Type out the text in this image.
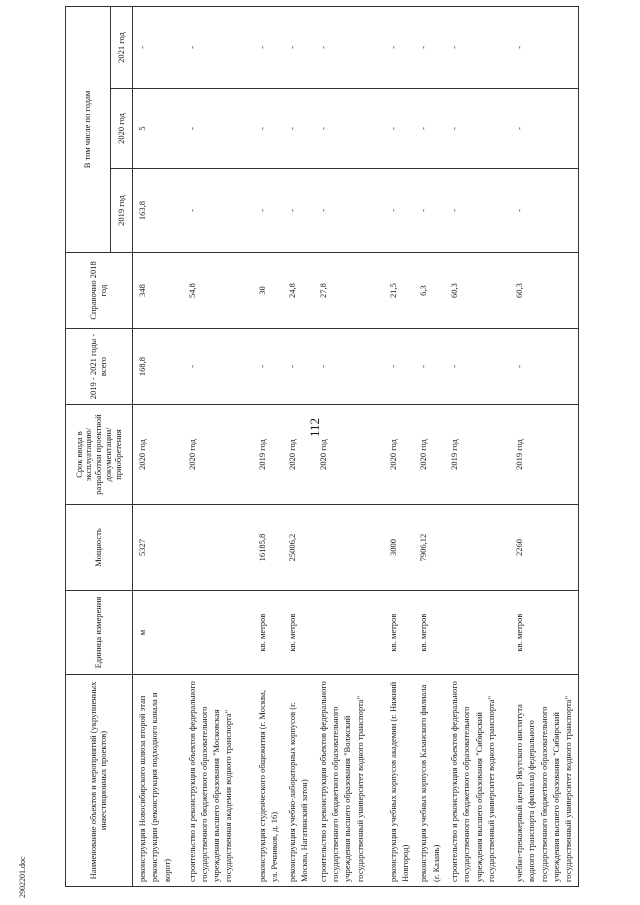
112
Наименование объектов и мероприятий (укрупненных инвестиционных проектов)	Единица измерения	Мощность	Срок ввода в эксплуатацию/ разработки проектной документации/ приобретения	2019 - 2021 годы - всего	Справочно 2018 год	В том числе по годам		
						2019 год	2020 год	2021 год
реконструкция Новосибирского шлюза второй этап реконструкции (реконструкция подходного канала и ворот)	м	5327	2020 год	168,8	348	163,8	5	-
строительство и реконструкция объектов федерального государственного бюджетного образовательного учреждения высшего образования "Московская государственная академия водного транспорта"			2020 год	-	54,8	-	-	-
реконструкция студенческого общежития (г. Москва, ул. Речников, д. 16)	кв. метров	16185,8	2019 год	-	30	-	-	-
реконструкция учебно-лабораторных корпусов (г. Москва, Нагатинский затон)	кв. метров	25006,2	2020 год	-	24,8	-	-	-
строительство и реконструкция объектов федерального государственного бюджетного образовательного учреждения высшего образования "Волжский государственный университет водного транспорта"			2020 год	-	27,8	-	-	-
реконструкция учебных корпусов академии (г. Нижний Новгород)	кв. метров	3000	2020 год	-	21,5	-	-	-
реконструкция учебных корпусов Казанского филиала (г. Казань)	кв. метров	7906,12	2020 год	-	6,3	-	-	-
строительство и реконструкция объектов федерального государственного бюджетного образовательного учреждения высшего образования "Сибирский государственный университет водного транспорта"			2019 год	-	60,3	-	-	-
учебно-тренажерный центр Якутского института водного транспорта (филиала) федерального государственного бюджетного образовательного учреждения высшего образования "Сибирский государственный университет водного транспорта"	кв. метров	2260	2019 год	-	60,3	-	-	-
2902201.doc
